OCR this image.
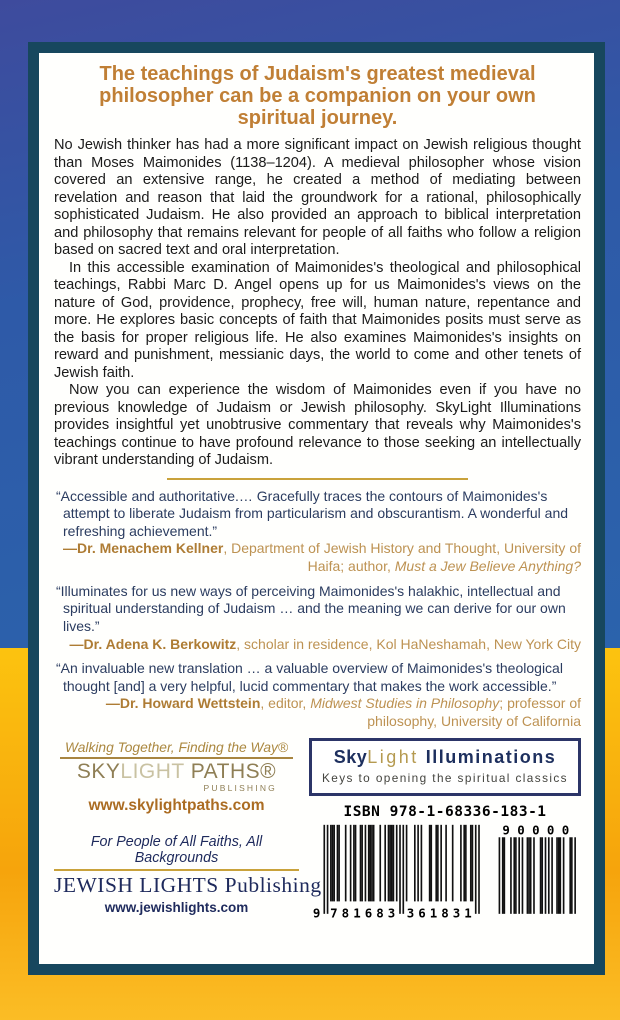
The teachings of Judaism's greatest medieval philosopher can be a companion on your own spiritual journey.

No Jewish thinker has had a more significant impact on Jewish religious thought than Moses Maimonides (1138–1204). A medieval philosopher whose vision covered an extensive range, he created a method of mediating between revelation and reason that laid the groundwork for a rational, philosophically sophisticated Judaism. He also provided an approach to biblical interpretation and philosophy that remains relevant for people of all faiths who follow a religion based on sacred text and oral interpretation.

In this accessible examination of Maimonides's theological and philosophical teachings, Rabbi Marc D. Angel opens up for us Maimonides's views on the nature of God, providence, prophecy, free will, human nature, repentance and more. He explores basic concepts of faith that Maimonides posits must serve as the basis for proper religious life. He also examines Maimonides's insights on reward and punishment, messianic days, the world to come and other tenets of Jewish faith.

Now you can experience the wisdom of Maimonides even if you have no previous knowledge of Judaism or Jewish philosophy. SkyLight Illuminations provides insightful yet unobtrusive commentary that reveals why Maimonides's teachings continue to have profound relevance to those seeking an intellectually vibrant understanding of Judaism.

“Accessible and authoritative.… Gracefully traces the contours of Maimonides's attempt to liberate Judaism from particularism and obscurantism. A wonderful and refreshing achievement.”

—Dr. Menachem Kellner, Department of Jewish History and Thought, University of Haifa; author, Must a Jew Believe Anything?

“Illuminates for us new ways of perceiving Maimonides's halakhic, intellectual and spiritual understanding of Judaism … and the meaning we can derive for our own lives.”

—Dr. Adena K. Berkowitz, scholar in residence, Kol HaNeshamah, New York City

“An invaluable new translation … a valuable overview of Maimonides's theological thought [and] a very helpful, lucid commentary that makes the work accessible.”

—Dr. Howard Wettstein, editor, Midwest Studies in Philosophy; professor of philosophy, University of California

Walking Together, Finding the Way®
SKYLIGHT PATHS®
PUBLISHING
www.skylightpaths.com
For People of All Faiths, All Backgrounds
JEWISH LIGHTS Publishing
www.jewishlights.com
SkyLight Illuminations
Keys to opening the spiritual classics
ISBN 978-1-68336-183-1
9 781683 361831
9 0 0 0 0
